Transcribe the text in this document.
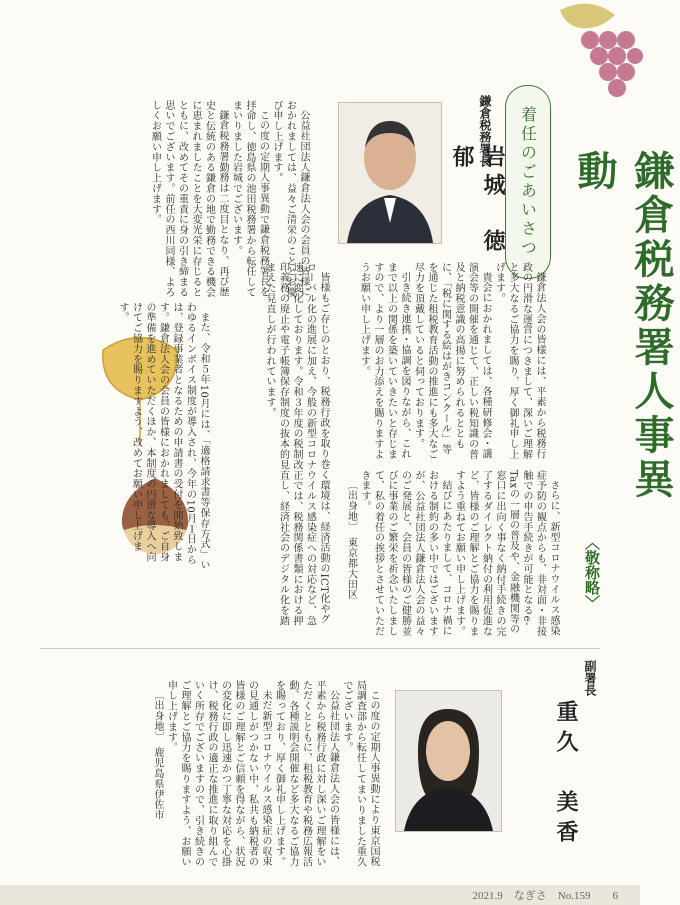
鎌倉税務署人事異動
〈敬称略〉
着任のごあいさつ
鎌倉税務署長
岩城　徳郁

公益社団法人鎌倉法人会の会員の皆様におかれましては、益々ご清栄のこととお慶び申し上げます。

この度の定期人事異動で鎌倉税務署長を拝命し、徳島県の池田税務署から転任してまいりました岩城でございます。

鎌倉税務署勤務は二度目となり、再び歴史と伝統のある鎌倉の地で勤務できる機会に恵まれましたことを大変光栄に存じるとともに、改めてその重責に身の引き締まる思いでございます。前任の西川同様、よろしくお願い申し上げます。

鎌倉法人会の皆様には、平素から税務行政の円滑な運営につきまして、深いご理解と多大なるご協力を賜り、厚く御礼申し上げます。

貴会におかれましては、各種研修会・講演会等の開催を通じて、正しい税知識の普及と納税意識の高揚に努められるとともに、「税に関する絵はがきコンクール」等を通じた租税教育活動の推進にも多大なご尽力を頂戴していると伺っております。

引き続き連携・協調を図りながら、これまで以上の関係を築いていきたいと存じますので、より一層のお力添えを賜りますようお願い申し上げます。

皆様もご存じのとおり、税務行政を取り巻く環境は、経済活動のICT化やグローバル化の進展に加え、今般の新型コロナウイルス感染症への対応など、急速に変化しております。令和３年度の税制改正では、税務関係書類における押印義務の廃止や電子帳簿保存制度の抜本的見直し、経済社会のデジタル化を踏まえた見直しが行われています。

また、令和５年10月には、「適格請求書等保存方式」いわゆるインボイス制度が導入され、今年の10月１日からは、登録事業者となるための申請書の受付を開始致します。鎌倉法人会の会員の皆様におかれましても、ご自身の準備を進めていただくほか、本制度の円滑な導入へ向けてご協力を賜りますよう、改めてお願い申し上げます。

さらに、新型コロナウイルス感染症予防の観点からも、非対面・非接触での申告手続きが可能となるe-Taxの一層の普及や、金融機関等の窓口に出向く事なく納付手続きの完了するダイレクト納付の利用促進など、皆様のご理解とご協力を賜りますよう重ねてお願い申し上げます。

結びにあたりまして、コロナ禍における制約の多い中ではございますが、公益社団法人鎌倉法人会の益々のご発展と、会員の皆様のご健勝並びに事業のご繁栄を祈念いたしまして、私の着任の挨拶とさせていただきます。

〔出身地〕　東京都大田区

副署長
重久　美香

この度の定期人事異動により東京国税局調査部から転任してまいりました重久でございます。

公益社団法人鎌倉法人会の皆様には、平素から税務行政に対し深いご理解をいただくとともに、租税教育や税務広報活動、各種説明会開催など多大なるご協力を賜っており、厚く御礼申し上げます。

未だ新型コロナウイルス感染症の収束の見通しがつかない中、私共も納税者の皆様のご理解とご信頼を得ながら、状況の変化に即し迅速かつ丁寧な対応を心掛け、税務行政の適正な推進に取り組んでいく所存でございますので、引き続きのご理解とご協力を賜りますよう、お願い申し上げます。

〔出身地〕　鹿児島県伊佐市

2021.9　なぎさ　No.159　　6
